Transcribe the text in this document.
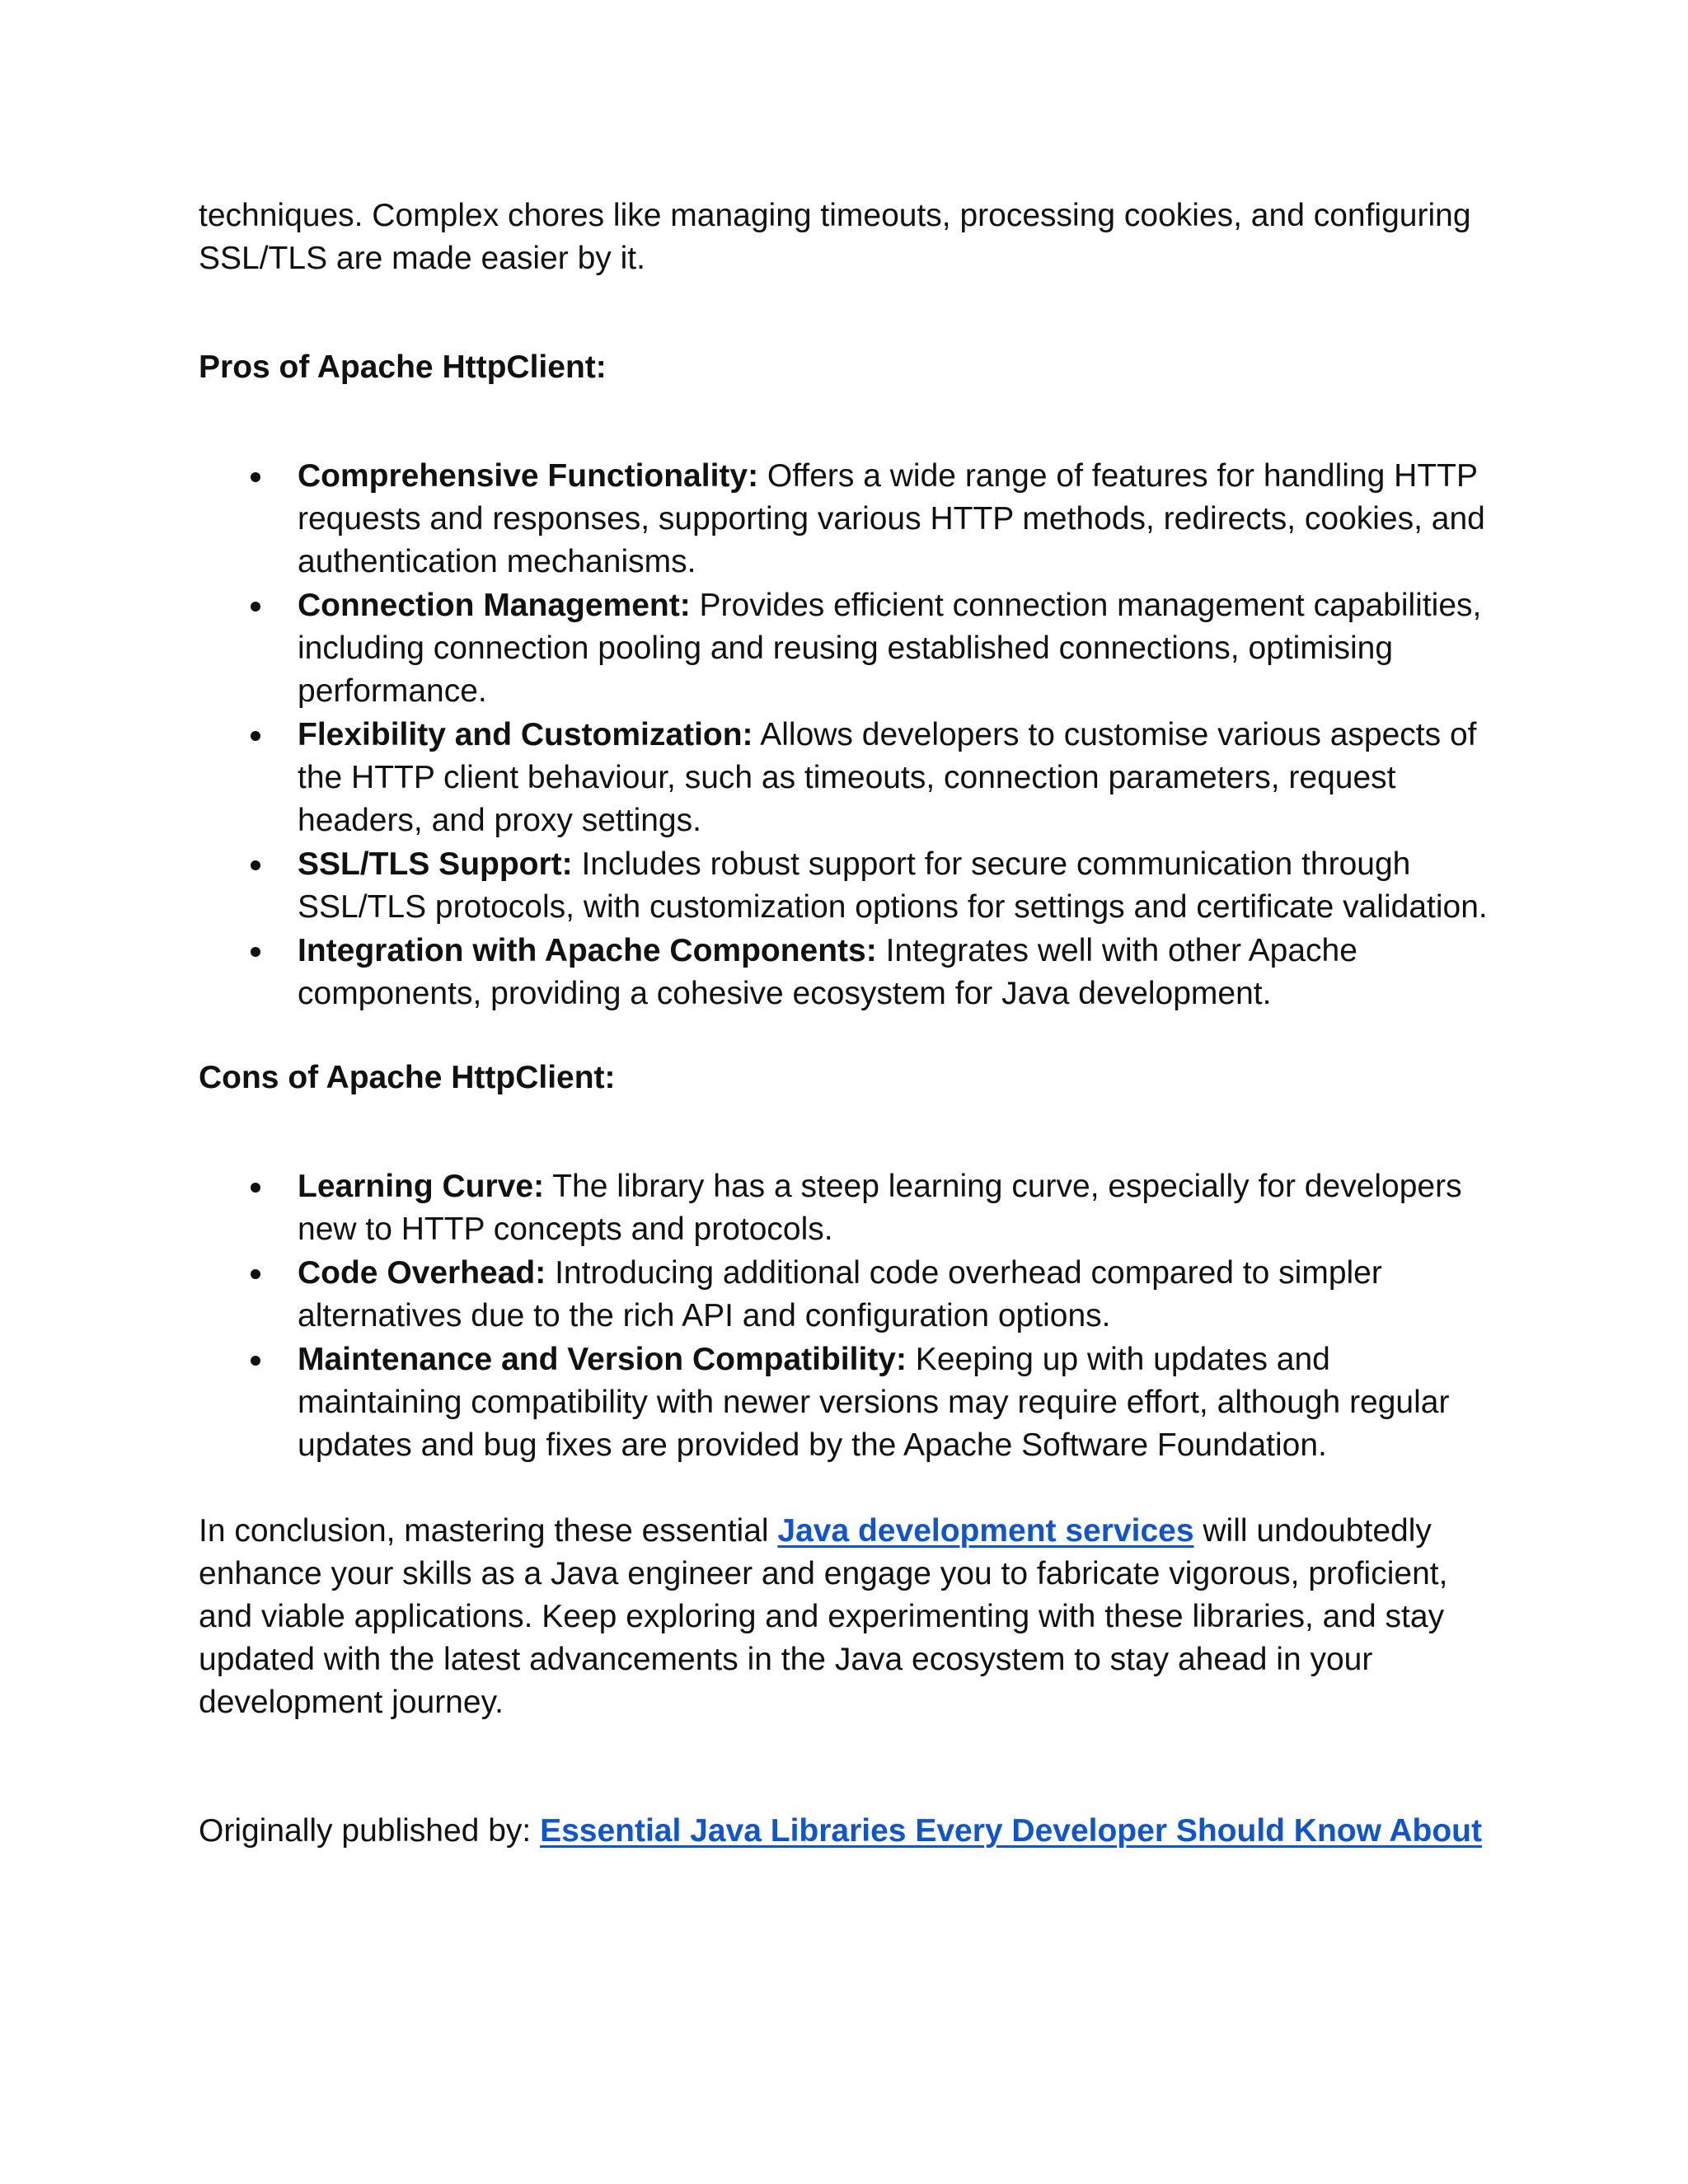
techniques. Complex chores like managing timeouts, processing cookies, and configuring SSL/TLS are made easier by it.

Pros of Apache HttpClient:

Comprehensive Functionality: Offers a wide range of features for handling HTTP requests and responses, supporting various HTTP methods, redirects, cookies, and authentication mechanisms.
Connection Management: Provides efficient connection management capabilities, including connection pooling and reusing established connections, optimising performance.
Flexibility and Customization: Allows developers to customise various aspects of the HTTP client behaviour, such as timeouts, connection parameters, request headers, and proxy settings.
SSL/TLS Support: Includes robust support for secure communication through SSL/TLS protocols, with customization options for settings and certificate validation.
Integration with Apache Components: Integrates well with other Apache components, providing a cohesive ecosystem for Java development.

Cons of Apache HttpClient:

Learning Curve: The library has a steep learning curve, especially for developers new to HTTP concepts and protocols.
Code Overhead: Introducing additional code overhead compared to simpler alternatives due to the rich API and configuration options.
Maintenance and Version Compatibility: Keeping up with updates and maintaining compatibility with newer versions may require effort, although regular updates and bug fixes are provided by the Apache Software Foundation.

In conclusion, mastering these essential Java development services will undoubtedly enhance your skills as a Java engineer and engage you to fabricate vigorous, proficient, and viable applications. Keep exploring and experimenting with these libraries, and stay updated with the latest advancements in the Java ecosystem to stay ahead in your development journey.

Originally published by: Essential Java Libraries Every Developer Should Know About
